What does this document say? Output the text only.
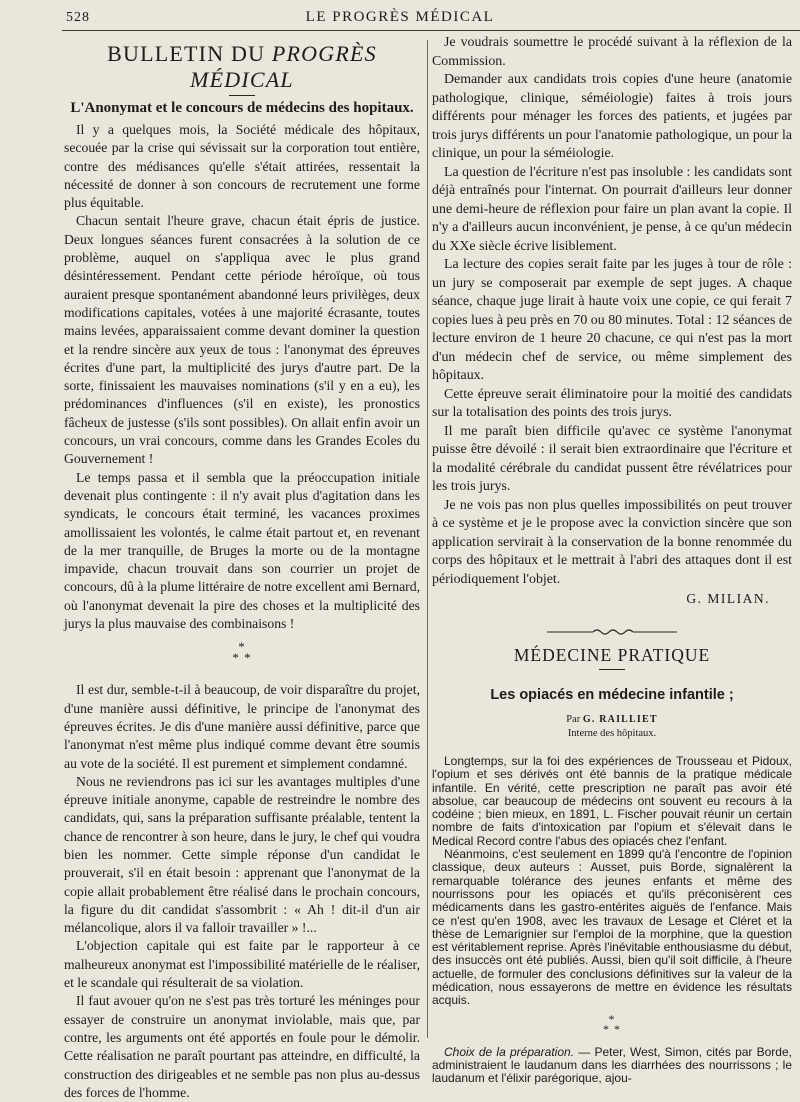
528	LE PROGRÈS MÉDICAL
BULLETIN DU PROGRÈS MÉDICAL
L'Anonymat et le concours de médecins des hopitaux.

Il y a quelques mois, la Société médicale des hôpitaux, secouée par la crise qui sévissait sur la corporation tout entière, contre des médisances qu'elle s'était attirées, ressentait la nécessité de donner à son concours de recrutement une forme plus équitable.

Chacun sentait l'heure grave, chacun était épris de justice. Deux longues séances furent consacrées à la solution de ce problème, auquel on s'appliqua avec le plus grand désintéressement. Pendant cette période héroïque, où tous auraient presque spontanément abandonné leurs privilèges, deux modifications capitales, votées à une majorité écrasante, toutes mains levées, apparaissaient comme devant dominer la question et la rendre sincère aux yeux de tous : l'anonymat des épreuves écrites d'une part, la multiplicité des jurys d'autre part. De la sorte, finissaient les mauvaises nominations (s'il y en a eu), les prédominances d'influences (s'il en existe), les pronostics fâcheux de justesse (s'ils sont possibles). On allait enfin avoir un concours, un vrai concours, comme dans les Grandes Ecoles du Gouvernement !

Le temps passa et il sembla que la préoccupation initiale devenait plus contingente : il n'y avait plus d'agitation dans les syndicats, le concours était terminé, les vacances proximes amollissaient les volontés, le calme était partout et, en revenant de la mer tranquille, de Bruges la morte ou de la montagne impavide, chacun trouvait dans son courrier un projet de concours, dû à la plume littéraire de notre excellent ami Bernard, où l'anonymat devenait la pire des choses et la multiplicité des jurys la plus mauvaise des combinaisons !

*
* *

Il est dur, semble-t-il à beaucoup, de voir disparaître du projet, d'une manière aussi définitive, le principe de l'anonymat des épreuves écrites. Je dis d'une manière aussi définitive, parce que l'anonymat n'est même plus indiqué comme devant être soumis au vote de la société. Il est purement et simplement condamné.

Nous ne reviendrons pas ici sur les avantages multiples d'une épreuve initiale anonyme, capable de restreindre le nombre des candidats, qui, sans la préparation suffisante préalable, tentent la chance de rencontrer à son heure, dans le jury, le chef qui voudra bien les nommer. Cette simple réponse d'un candidat le prouverait, s'il en était besoin : apprenant que l'anonymat de la copie allait probablement être réalisé dans le prochain concours, la figure du dit candidat s'assombrit : « Ah ! dit-il d'un air mélancolique, alors il va falloir travailler » !...

L'objection capitale qui est faite par le rapporteur à ce malheureux anonymat est l'impossibilité matérielle de le réaliser, et le scandale qui résulterait de sa violation.

Il faut avouer qu'on ne s'est pas très torturé les méninges pour essayer de construire un anonymat inviolable, mais que, par contre, les arguments ont été apportés en foule pour le démolir. Cette réalisation ne paraît pourtant pas atteindre, en difficulté, la construction des dirigeables et ne semble pas non plus au-dessus des forces de l'homme.

Je voudrais soumettre le procédé suivant à la réflexion de la Commission.

Demander aux candidats trois copies d'une heure (anatomie pathologique, clinique, séméiologie) faites à trois jours différents pour ménager les forces des patients, et jugées par trois jurys différents un pour l'anatomie pathologique, un pour la clinique, un pour la séméiologie.

La question de l'écriture n'est pas insoluble : les candidats sont déjà entraînés pour l'internat. On pourrait d'ailleurs leur donner une demi-heure de réflexion pour faire un plan avant la copie. Il n'y a d'ailleurs aucun inconvénient, je pense, à ce qu'un médecin du XXe siècle écrive lisiblement.

La lecture des copies serait faite par les juges à tour de rôle : un jury se composerait par exemple de sept juges. A chaque séance, chaque juge lirait à haute voix une copie, ce qui ferait 7 copies lues à peu près en 70 ou 80 minutes. Total : 12 séances de lecture environ de 1 heure 20 chacune, ce qui n'est pas la mort d'un médecin chef de service, ou même simplement des hôpitaux.

Cette épreuve serait éliminatoire pour la moitié des candidats sur la totalisation des points des trois jurys.

Il me paraît bien difficile qu'avec ce système l'anonymat puisse être dévoilé : il serait bien extraordinaire que l'écriture et la modalité cérébrale du candidat pussent être révélatrices pour les trois jurys.

Je ne vois pas non plus quelles impossibilités on peut trouver à ce système et je le propose avec la conviction sincère que son application servirait à la conservation de la bonne renommée du corps des hôpitaux et le mettrait à l'abri des attaques dont il est périodiquement l'objet.

G. MILIAN.
MÉDECINE PRATIQUE
Les opiacés en médecine infantile ;
Par G. RAILLIET
Interne des hôpitaux.

Longtemps, sur la foi des expériences de Trousseau et Pidoux, l'opium et ses dérivés ont été bannis de la pratique médicale infantile. En vérité, cette prescription ne paraît pas avoir été absolue, car beaucoup de médecins ont souvent eu recours à la codéine ; bien mieux, en 1891, L. Fischer pouvait réunir un certain nombre de faits d'intoxication par l'opium et s'élevait dans le Medical Record contre l'abus des opiacés chez l'enfant.

Néanmoins, c'est seulement en 1899 qu'à l'encontre de l'opinion classique, deux auteurs : Ausset, puis Borde, signalèrent la remarquable tolérance des jeunes enfants et même des nourrissons pour les opiacés et qu'ils préconisèrent ces médicaments dans les gastro-entérites aiguës de l'enfance. Mais ce n'est qu'en 1908, avec les travaux de Lesage et Cléret et la thèse de Lemarignier sur l'emploi de la morphine, que la question est véritablement reprise. Après l'inévitable enthousiasme du début, des insuccès ont été publiés. Aussi, bien qu'il soit difficile, à l'heure actuelle, de formuler des conclusions définitives sur la valeur de la médication, nous essayerons de mettre en évidence les résultats acquis.

*
* *

Choix de la préparation. — Peter, West, Simon, cités par Borde, administraient le laudanum dans les diarrhées des nourrissons ; le laudanum et l'élixir parégorique, ajou-
